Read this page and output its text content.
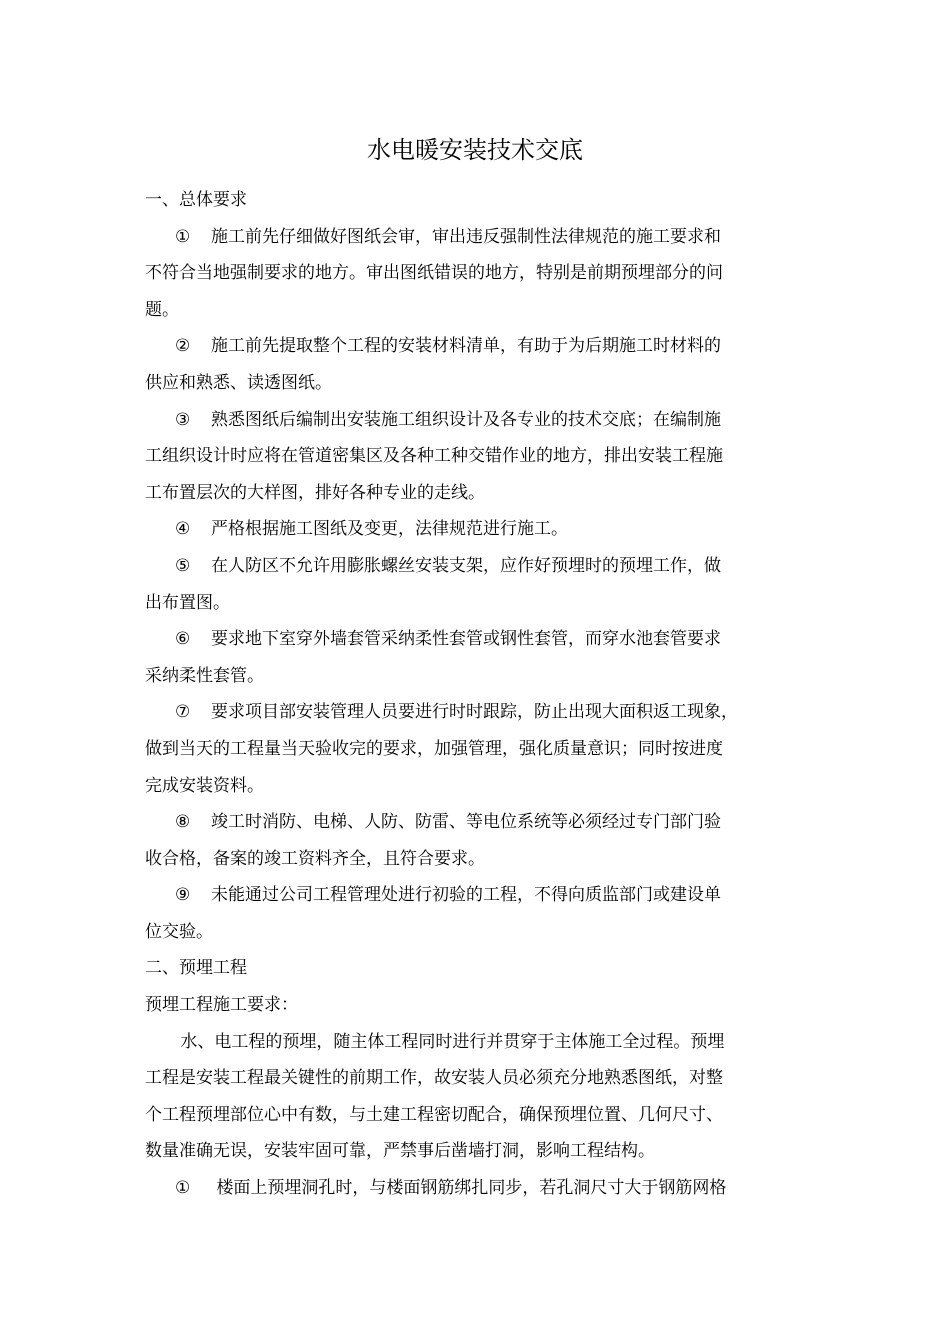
水电暖安装技术交底

一、总体要求

① 施工前先仔细做好图纸会审，审出违反强制性法律规范的施工要求和

不符合当地强制要求的地方。审出图纸错误的地方，特别是前期预埋部分的问

题。

② 施工前先提取整个工程的安装材料清单，有助于为后期施工时材料的

供应和熟悉、读透图纸。

③ 熟悉图纸后编制出安装施工组织设计及各专业的技术交底；在编制施

工组织设计时应将在管道密集区及各种工种交错作业的地方，排出安装工程施

工布置层次的大样图，排好各种专业的走线。

④ 严格根据施工图纸及变更，法律规范进行施工。

⑤ 在人防区不允许用膨胀螺丝安装支架，应作好预埋时的预埋工作，做

出布置图。

⑥ 要求地下室穿外墙套管采纳柔性套管或钢性套管，而穿水池套管要求

采纳柔性套管。

⑦ 要求项目部安装管理人员要进行时时跟踪，防止出现大面积返工现象，

做到当天的工程量当天验收完的要求，加强管理，强化质量意识；同时按进度

完成安装资料。

⑧ 竣工时消防、电梯、人防、防雷、等电位系统等必须经过专门部门验

收合格，备案的竣工资料齐全，且符合要求。

⑨ 未能通过公司工程管理处进行初验的工程，不得向质监部门或建设单

位交验。

二、预埋工程

预埋工程施工要求：

水、电工程的预埋，随主体工程同时进行并贯穿于主体施工全过程。预埋

工程是安装工程最关键性的前期工作，故安装人员必须充分地熟悉图纸，对整

个工程预埋部位心中有数，与土建工程密切配合，确保预埋位置、几何尺寸、

数量准确无误，安装牢固可靠，严禁事后凿墙打洞，影响工程结构。

① 楼面上预埋洞孔时，与楼面钢筋绑扎同步，若孔洞尺寸大于钢筋网格
